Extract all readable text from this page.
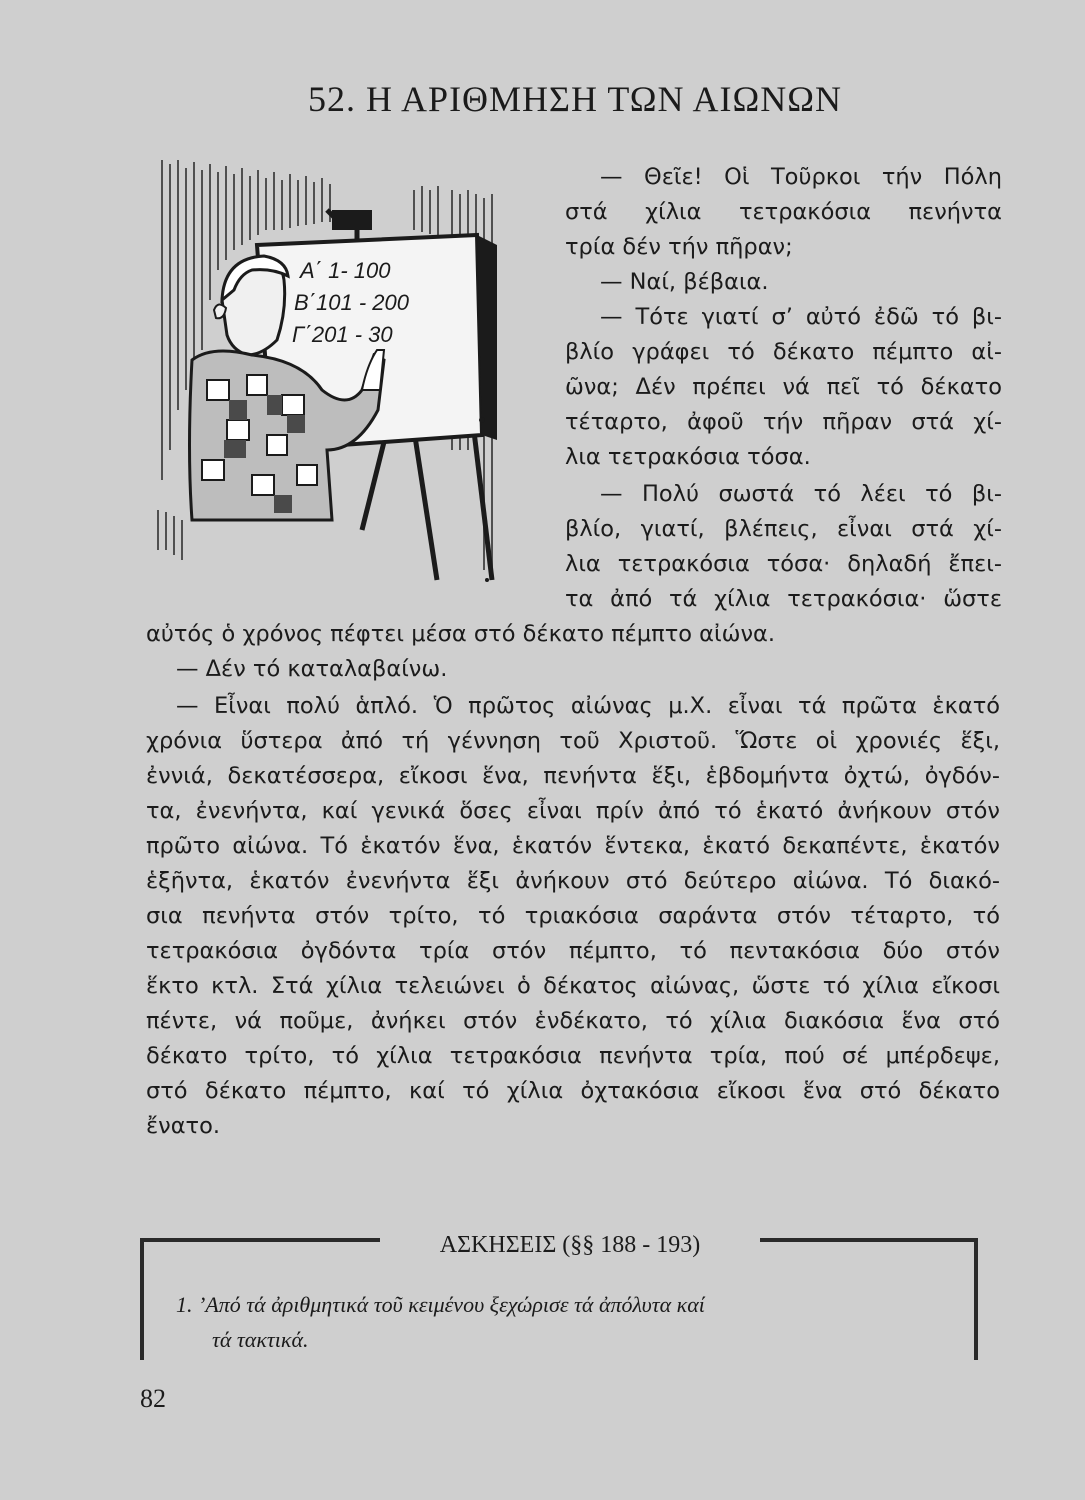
52. Η ΑΡΙΘΜΗΣΗ ΤΩΝ ΑΙΩΝΩΝ
Α΄ 1- 100
Β΄101 - 200
Γ΄201 - 30
— Θεῖε! Οἱ Τοῦρκοι τήν Πόλη
στά χίλια τετρακόσια πενήντα
τρία δέν τήν πῆραν;
— Ναί, βέβαια.
— Τότε γιατί σ’ αὐτό ἐδῶ τό βι-
βλίο γράφει τό δέκατο πέμπτο αἰ-
ῶνα; Δέν πρέπει νά πεῖ τό δέκατο
τέταρτο, ἀφοῦ τήν πῆραν στά χί-
λια τετρακόσια τόσα.
— Πολύ σωστά τό λέει τό βι-
βλίο, γιατί, βλέπεις, εἶναι στά χί-
λια τετρακόσια τόσα· δηλαδή ἔπει-
τα ἀπό τά χίλια τετρακόσια· ὥστε
αὐτός ὁ χρόνος πέφτει μέσα στό δέκατο πέμπτο αἰώνα.
— Δέν τό καταλαβαίνω.
— Εἶναι πολύ ἁπλό. Ὁ πρῶτος αἰώνας μ.Χ. εἶναι τά πρῶτα ἑκατό
χρόνια ὕστερα ἀπό τή γέννηση τοῦ Χριστοῦ. Ὥστε οἱ χρονιές ἕξι,
ἐννιά, δεκατέσσερα, εἴκοσι ἕνα, πενήντα ἕξι, ἑβδομήντα ὀχτώ, ὀγδόν-
τα, ἐνενήντα, καί γενικά ὅσες εἶναι πρίν ἀπό τό ἑκατό ἀνήκουν στόν
πρῶτο αἰώνα. Τό ἑκατόν ἕνα, ἑκατόν ἕντεκα, ἑκατό δεκαπέντε, ἑκατόν
ἑξῆντα, ἑκατόν ἐνενήντα ἕξι ἀνήκουν στό δεύτερο αἰώνα. Τό διακό-
σια πενήντα στόν τρίτο, τό τριακόσια σαράντα στόν τέταρτο, τό
τετρακόσια ὀγδόντα τρία στόν πέμπτο, τό πεντακόσια δύο στόν
ἕκτο κτλ. Στά χίλια τελειώνει ὁ δέκατος αἰώνας, ὥστε τό χίλια εἴκοσι
πέντε, νά ποῦμε, ἀνήκει στόν ἑνδέκατο, τό χίλια διακόσια ἕνα στό
δέκατο τρίτο, τό χίλια τετρακόσια πενήντα τρία, πού σέ μπέρδεψε,
στό δέκατο πέμπτο, καί τό χίλια ὀχτακόσια εἴκοσι ἕνα στό δέκατο
ἔνατο.
ΑΣΚΗΣΕΙΣ (§§ 188 - 193)
1. ’Από τά ἀριθμητικά τοῦ κειμένου ξεχώρισε τά ἀπόλυτα καί
τά τακτικά.
82
